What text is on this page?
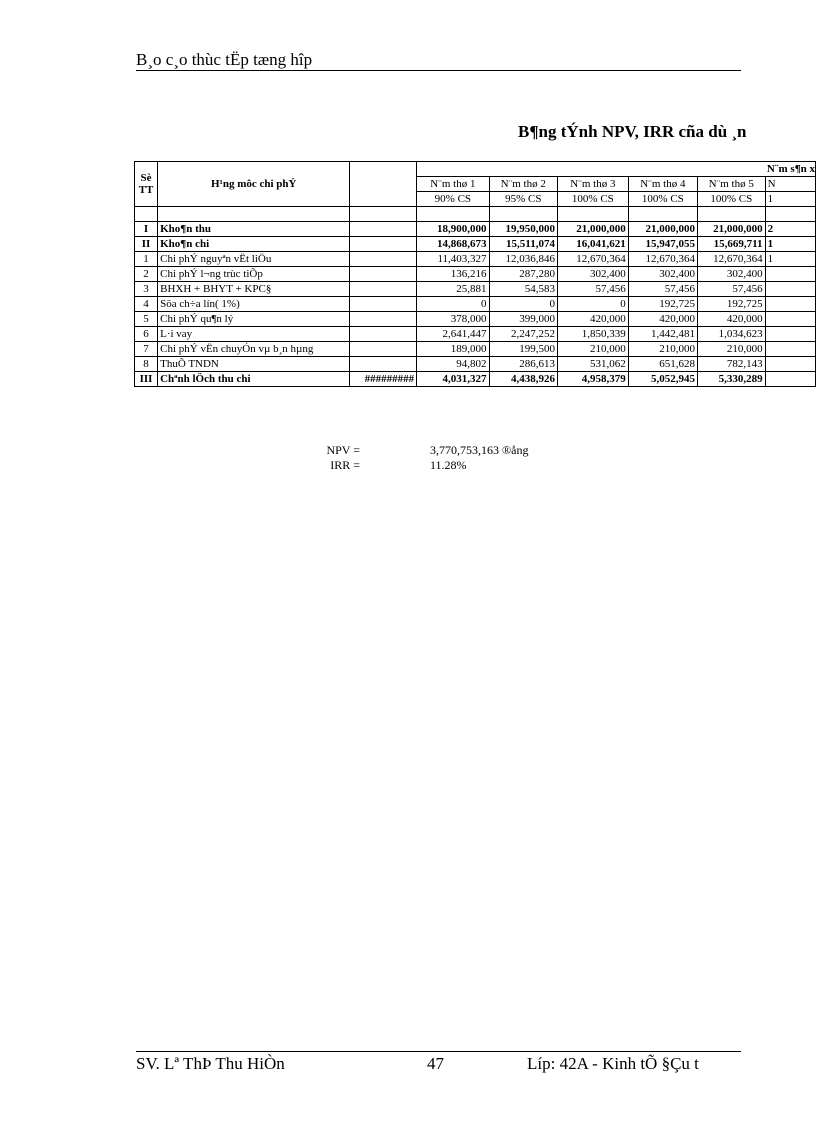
B¸o c¸o thùc tËp tæng hîp
B¶ng tÝnh NPV, IRR cña dù ¸n
Sè TT	H¹ng môc chi phÝ		N¨m s¶n x					
			N¨m thø 1	N¨m thø 2	N¨m thø 3	N¨m thø 4	N¨m thø 5	N
			90% CS	95% CS	100% CS	100% CS	100% CS	1

I	Kho¶n thu		18,900,000	19,950,000	21,000,000	21,000,000	21,000,000	2
II	Kho¶n chi		14,868,673	15,511,074	16,041,621	15,947,055	15,669,711	1
1	Chi phÝ nguyªn vËt liÖu		11,403,327	12,036,846	12,670,364	12,670,364	12,670,364	1
2	Chi phÝ l¬ng trùc tiÕp		136,216	287,280	302,400	302,400	302,400	
3	BHXH + BHYT + KPC§		25,881	54,583	57,456	57,456	57,456	
4	Söa ch÷a lín( 1%)		0	0	0	192,725	192,725	
5	Chi phÝ qu¶n lý		378,000	399,000	420,000	420,000	420,000	
6	L·i vay		2,641,447	2,247,252	1,850,339	1,442,481	1,034,623	
7	Chi phÝ vËn chuyÓn vµ b¸n hµng		189,000	199,500	210,000	210,000	210,000	
8	ThuÕ TNDN		94,802	286,613	531,062	651,628	782,143	
III	Chªnh lÖch thu chi	#########	4,031,327	4,438,926	4,958,379	5,052,945	5,330,289	
NPV =	3,770,753,163 ®ång
IRR =	11.28%
SV. Lª ThÞ Thu HiÒn	47	Líp: 42A - Kinh tÕ §Çu t
